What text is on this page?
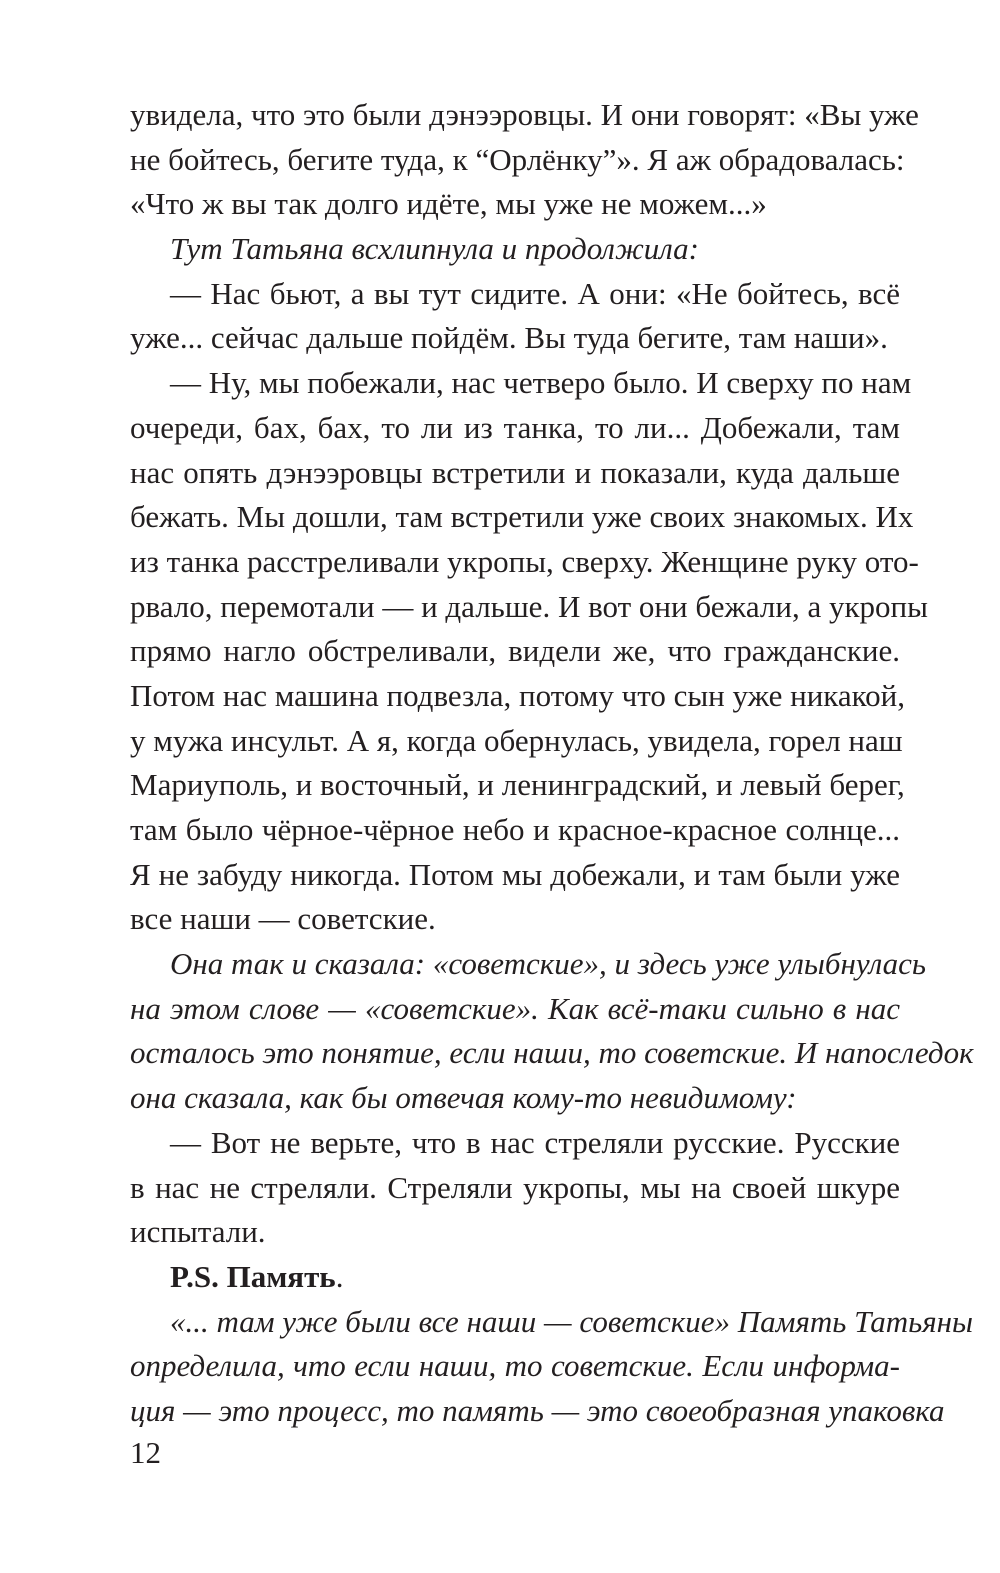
увидела, что это были дэнээровцы. И они говорят: «Вы уже
не бойтесь, бегите туда, к “Орлёнку”». Я аж обрадовалась:
«Что ж вы так долго идёте, мы уже не можем...»
Тут Татьяна всхлипнула и продолжила:
— Нас бьют, а вы тут сидите. А они: «Не бойтесь, всё
уже... сейчас дальше пойдём. Вы туда бегите, там наши».
— Ну, мы побежали, нас четверо было. И сверху по нам
очереди, бах, бах, то ли из танка, то ли... Добежали, там
нас опять дэнээровцы встретили и показали, куда дальше
бежать. Мы дошли, там встретили уже своих знакомых. Их
из танка расстреливали укропы, сверху. Женщине руку ото-
рвало, перемотали — и дальше. И вот они бежали, а укропы
прямо нагло обстреливали, видели же, что гражданские.
Потом нас машина подвезла, потому что сын уже никакой,
у мужа инсульт. А я, когда обернулась, увидела, горел наш
Мариуполь, и восточный, и ленинградский, и левый берег,
там было чёрное-чёрное небо и красное-красное солнце...
Я не забуду никогда. Потом мы добежали, и там были уже
все наши — советские.
Она так и сказала: «советские», и здесь уже улыбнулась
на этом слове — «советские». Как всё-таки сильно в нас
осталось это понятие, если наши, то советские. И напоследок
она сказала, как бы отвечая кому-то невидимому:
— Вот не верьте, что в нас стреляли русские. Русские
в нас не стреляли. Стреляли укропы, мы на своей шкуре
испытали.
P.S. Память.
«... там уже были все наши — советские» Память Татьяны
определила, что если наши, то советские. Если информа-
ция — это процесс, то память — это своеобразная упаковка
12
